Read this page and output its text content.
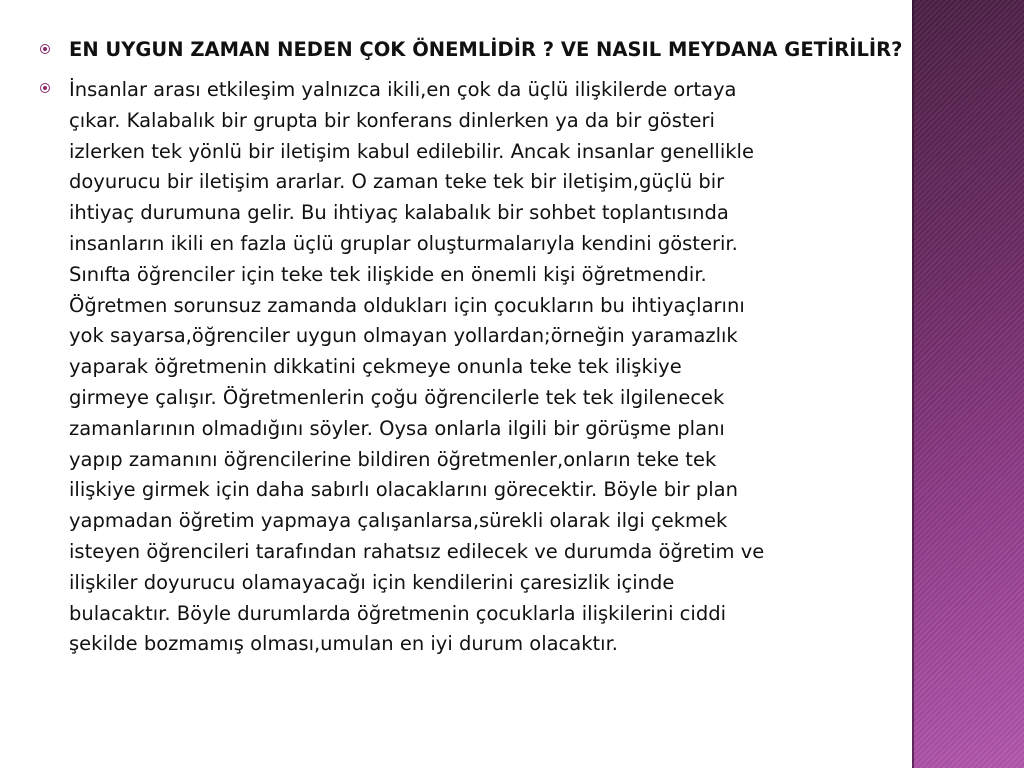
EN UYGUN ZAMAN NEDEN ÇOK ÖNEMLİDİR ? VE NASIL MEYDANA GETİRİLİR?
İnsanlar arası etkileşim yalnızca ikili,en çok da üçlü ilişkilerde ortaya
çıkar. Kalabalık bir grupta bir konferans dinlerken ya da bir gösteri
izlerken tek yönlü bir iletişim kabul edilebilir. Ancak insanlar genellikle
doyurucu bir iletişim ararlar. O zaman teke tek bir iletişim,güçlü bir
ihtiyaç durumuna gelir. Bu ihtiyaç kalabalık bir sohbet toplantısında
insanların ikili en fazla üçlü gruplar oluşturmalarıyla kendini gösterir.
Sınıfta öğrenciler için teke tek ilişkide en önemli kişi öğretmendir.
Öğretmen sorunsuz zamanda oldukları için çocukların bu ihtiyaçlarını
yok sayarsa,öğrenciler uygun olmayan yollardan;örneğin yaramazlık
yaparak öğretmenin dikkatini çekmeye onunla teke tek ilişkiye
girmeye çalışır. Öğretmenlerin çoğu öğrencilerle tek tek ilgilenecek
zamanlarının olmadığını söyler. Oysa onlarla ilgili bir görüşme planı
yapıp zamanını öğrencilerine bildiren öğretmenler,onların teke tek
ilişkiye girmek için daha sabırlı olacaklarını görecektir. Böyle bir plan
yapmadan öğretim yapmaya çalışanlarsa,sürekli olarak ilgi çekmek
isteyen öğrencileri tarafından rahatsız edilecek ve durumda öğretim ve
ilişkiler doyurucu olamayacağı için kendilerini çaresizlik içinde
bulacaktır. Böyle durumlarda öğretmenin çocuklarla ilişkilerini ciddi
şekilde bozmamış olması,umulan en iyi durum olacaktır.
